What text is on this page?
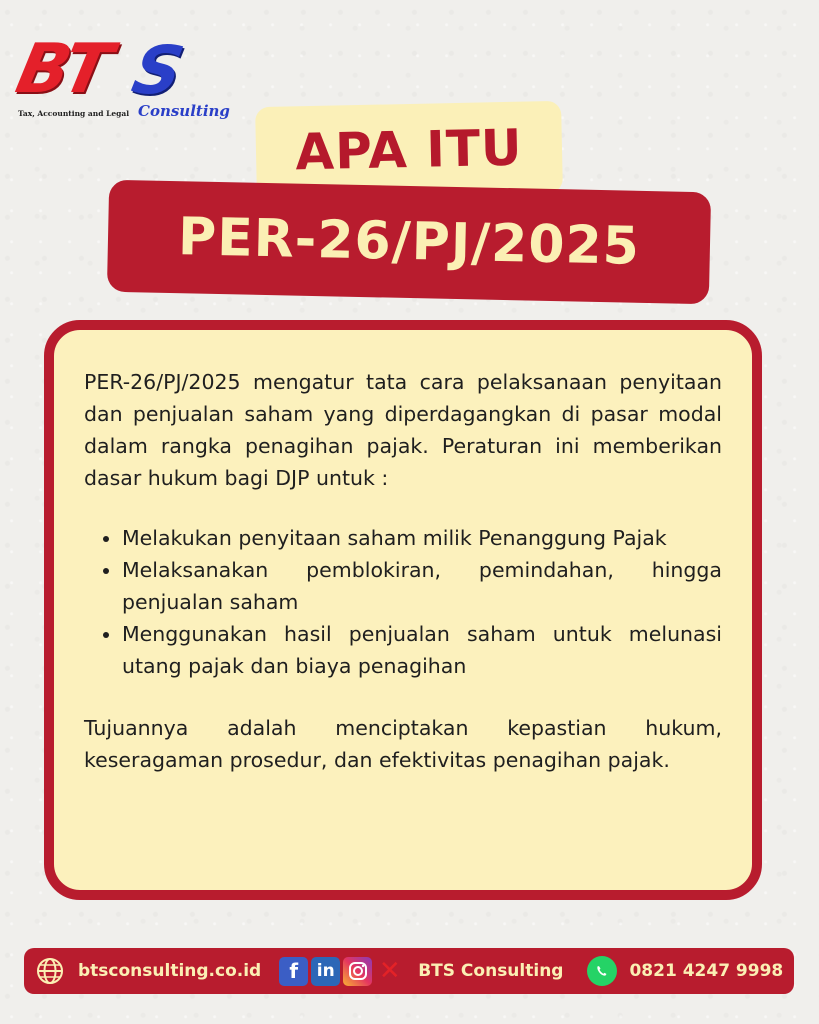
BT S
Tax, Accounting and Legal Consulting
APA ITU
PER-26/PJ/2025

PER-26/PJ/2025 mengatur tata cara pelaksanaan penyitaan dan penjualan saham yang diperdagangkan di pasar modal dalam rangka penagihan pajak. Peraturan ini memberikan dasar hukum bagi DJP untuk :

• Melakukan penyitaan saham milik Penanggung Pajak
• Melaksanakan pemblokiran, pemindahan, hingga penjualan saham
• Menggunakan hasil penjualan saham untuk melunasi utang pajak dan biaya penagihan

Tujuannya adalah menciptakan kepastian hukum, keseragaman prosedur, dan efektivitas penagihan pajak.

btsconsulting.co.id	f	in ✕ BTS Consulting	0821 4247 9998
